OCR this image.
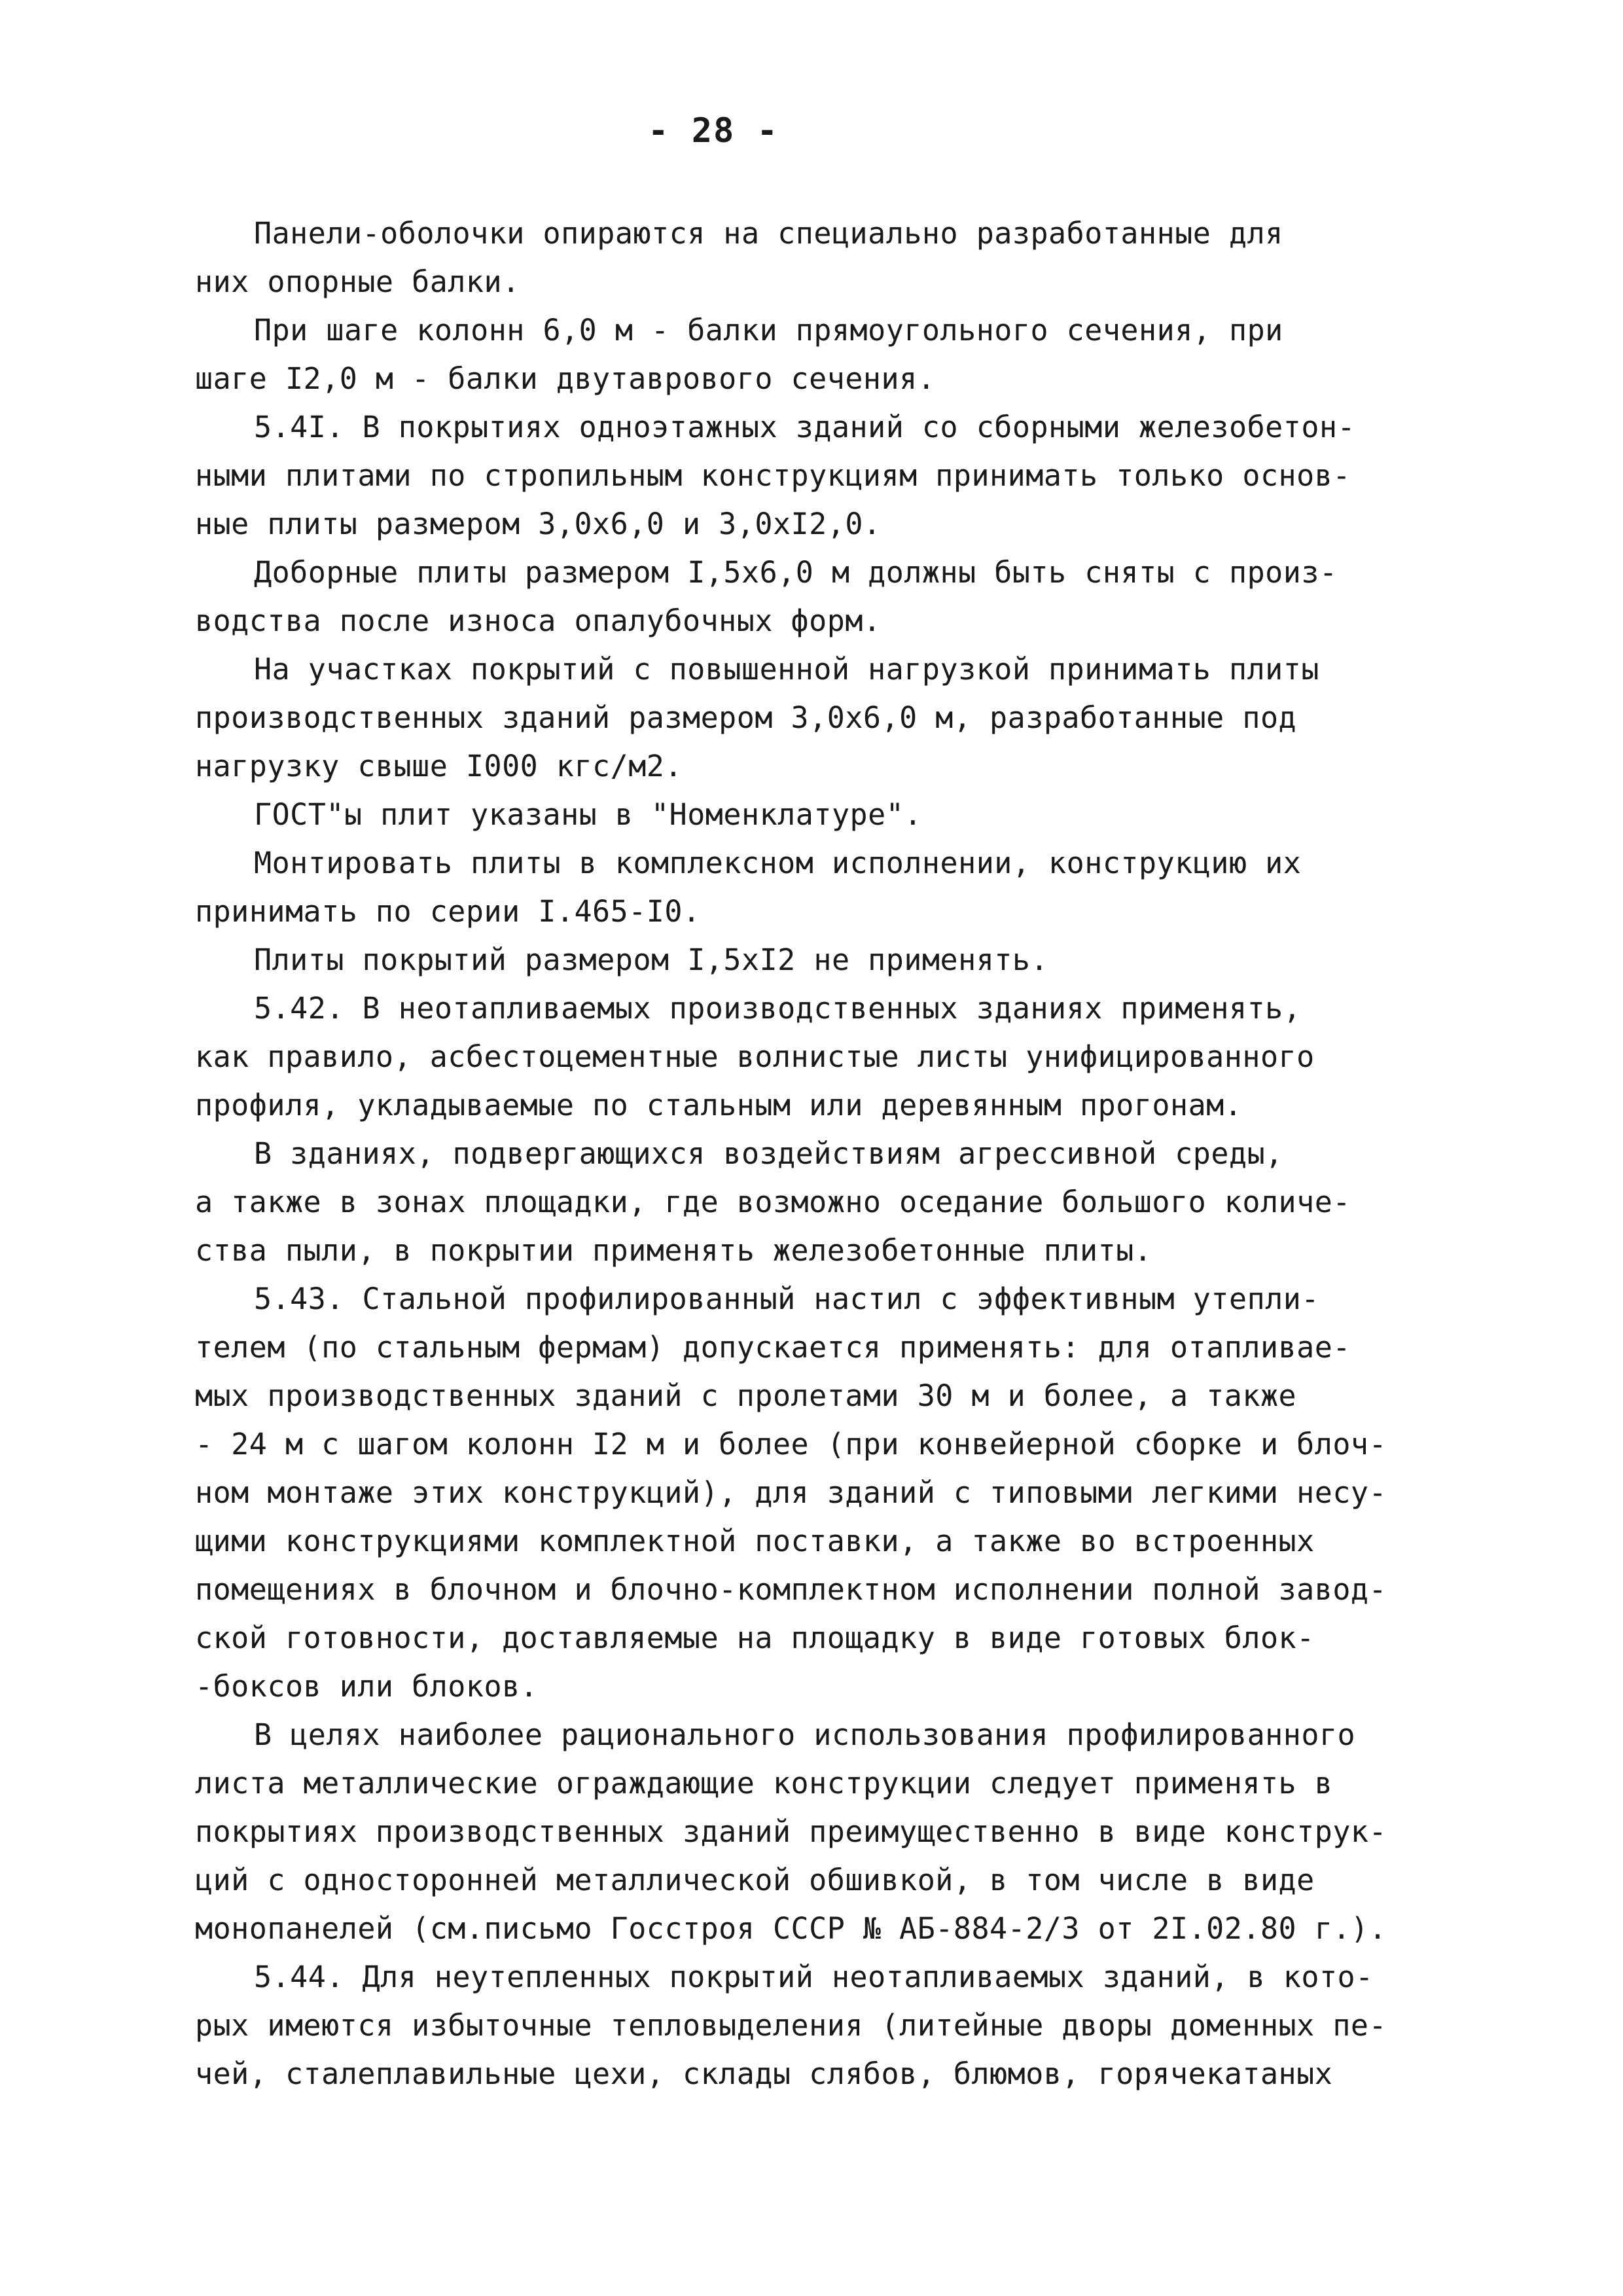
- 28 -
Панели-оболочки опираются на специально разработанные для
них опорные балки.
При шаге колонн 6,0 м - балки прямоугольного сечения, при
шаге I2,0 м - балки двутаврового сечения.
5.4I. В покрытиях одноэтажных зданий со сборными железобетон-
ными плитами по стропильным конструкциям принимать только основ-
ные плиты размером 3,0х6,0 и 3,0хI2,0.
Доборные плиты размером I,5х6,0 м должны быть сняты с произ-
водства после износа опалубочных форм.
На участках покрытий с повышенной нагрузкой принимать плиты
производственных зданий размером 3,0х6,0 м, разработанные под
нагрузку свыше I000 кгс/м2.
ГОСТ"ы плит указаны в "Номенклатуре".
Монтировать плиты в комплексном исполнении, конструкцию их
принимать по серии I.465-I0.
Плиты покрытий размером I,5хI2 не применять.
5.42. В неотапливаемых производственных зданиях применять,
как правило, асбестоцементные волнистые листы унифицированного
профиля, укладываемые по стальным или деревянным прогонам.
В зданиях, подвергающихся воздействиям агрессивной среды,
а также в зонах площадки, где возможно оседание большого количе-
ства пыли, в покрытии применять железобетонные плиты.
5.43. Стальной профилированный настил с эффективным утепли-
телем (по стальным фермам) допускается применять: для отапливае-
мых производственных зданий с пролетами 30 м и более, а также
- 24 м с шагом колонн I2 м и более (при конвейерной сборке и блоч-
ном монтаже этих конструкций), для зданий с типовыми легкими несу-
щими конструкциями комплектной поставки, а также во встроенных
помещениях в блочном и блочно-комплектном исполнении полной завод-
ской готовности, доставляемые на площадку в виде готовых блок-
-боксов или блоков.
В целях наиболее рационального использования профилированного
листа металлические ограждающие конструкции следует применять в
покрытиях производственных зданий преимущественно в виде конструк-
ций с односторонней металлической обшивкой, в том числе в виде
монопанелей (см.письмо Госстроя СССР № АБ-884-2/3 от 2I.02.80 г.).
5.44. Для неутепленных покрытий неотапливаемых зданий, в кото-
рых имеются избыточные тепловыделения (литейные дворы доменных пе-
чей, сталеплавильные цехи, склады слябов, блюмов, горячекатаных
